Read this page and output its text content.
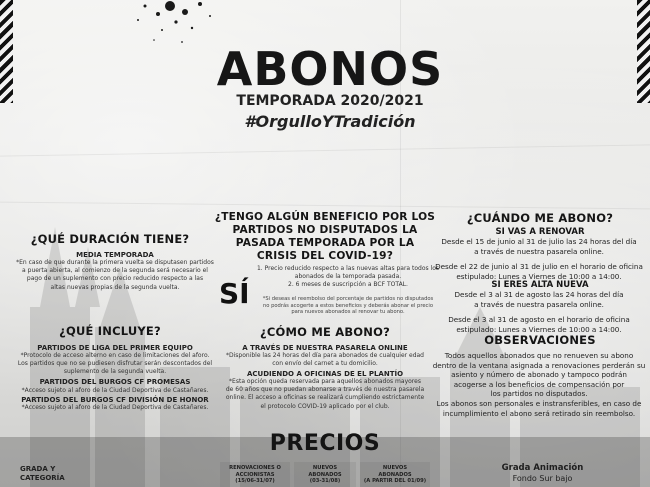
ABONOS
TEMPORADA 2020/2021
#OrgulloYTradición
¿QUÉ DURACIÓN TIENE?
MEDIA TEMPORADA
*En caso de que durante la primera vuelta se disputasen partidos
a puerta abierta, al comienzo de la segunda será necesario el
pago de un suplemento con precio reducido respecto a las
altas nuevas propias de la segunda vuelta.
¿QUÉ INCLUYE?
PARTIDOS DE LIGA DEL PRIMER EQUIPO
*Protocolo de acceso alterno en caso de limitaciones del aforo.
Los partidos que no se pudiesen disfrutar serán descontados del
suplemento de la segunda vuelta.
PARTIDOS DEL BURGOS CF PROMESAS
*Acceso sujeto al aforo de la Ciudad Deportiva de Castañares.
PARTIDOS DEL BURGOS CF DIVISIÓN DE HONOR
*Acceso sujeto al aforo de la Ciudad Deportiva de Castañares.
¿TENGO ALGÚN BENEFICIO POR LOS
PARTIDOS NO DISPUTADOS LA
PASADA TEMPORADA POR LA
CRISIS DEL COVID-19?
SÍ
1. Precio reducido respecto a las nuevas altas para todos los
abonados de la temporada pasada.
2. 6 meses de suscripción a BCF TOTAL.
*Si deseas el reembolso del porcentaje de partidos no disputados
no podrás acogerte a estos beneficios y deberás abonar el precio
para nuevos abonados al renovar tu abono.
¿CÓMO ME ABONO?
A TRAVÉS DE NUESTRA PASARELA ONLINE
*Disponible las 24 horas del día para abonados de cualquier edad
con envío del carnet a tu domicilio.
ACUDIENDO A OFICINAS DE EL PLANTÍO
*Esta opción queda reservada para aquellos abonados mayores
de 60 años que no puedan abonarse a través de nuestra pasarela
online. El acceso a oficinas se realizará cumpliendo estrictamente
el protocolo COVID-19 aplicado por el club.
¿CUÁNDO ME ABONO?
SI VAS A RENOVAR
Desde el 15 de junio al 31 de julio las 24 horas del día
a través de nuestra pasarela online.
Desde el 22 de junio al 31 de julio en el horario de oficina
estipulado: Lunes a Viernes de 10:00 a 14:00.
SI ERES ALTA NUEVA
Desde el 3 al 31 de agosto las 24 horas del día
a través de nuestra pasarela online.
Desde el 3 al 31 de agosto en el horario de oficina
estipulado: Lunes a Viernes de 10:00 a 14:00.
OBSERVACIONES
Todos aquellos abonados que no renueven su abono
dentro de la ventana asignada a renovaciones perderán su
asiento y número de abonado y tampoco podrán
acogerse a los beneficios de compensación por
los partidos no disputados.
Los abonos son personales e instransferibles, en caso de
incumplimiento el abono será retirado sin reembolso.
PRECIOS
GRADA Y
CATEGORÍA
RENOVACIONES O
ACCIONISTAS
(15/06-31/07)
NUEVOS
ABONADOS
(03-31/08)
NUEVOS
ABONADOS
(A PARTIR DEL 01/09)
Grada Animación
Fondo Sur bajo
